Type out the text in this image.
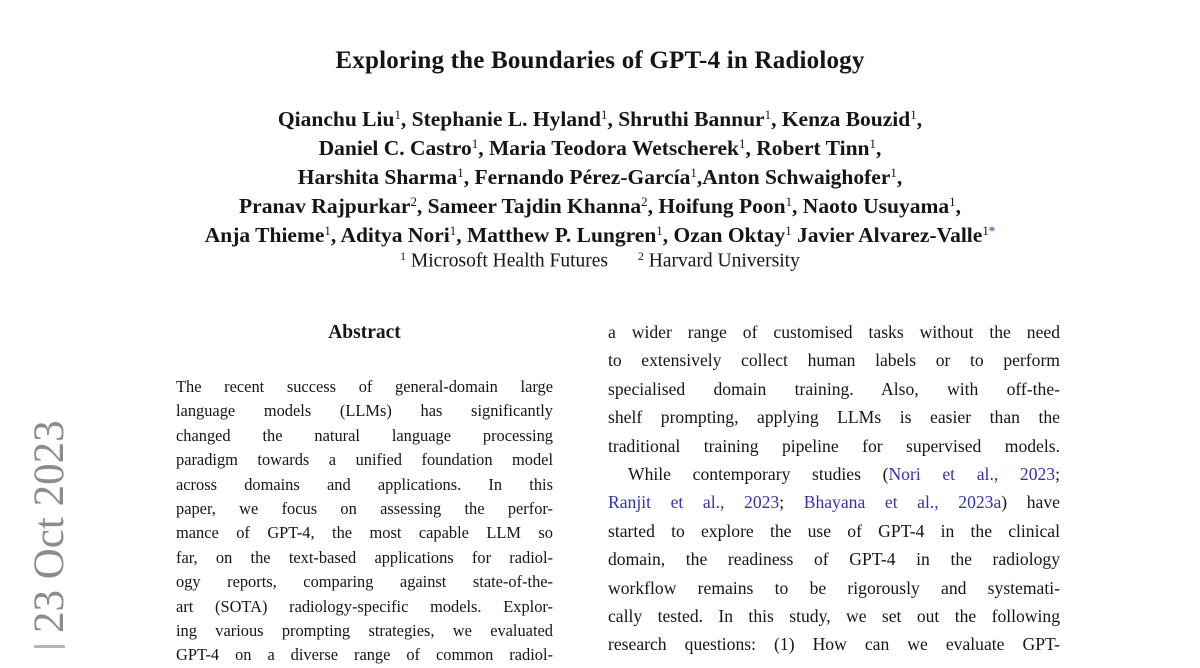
23 Oct 2023
Exploring the Boundaries of GPT-4 in Radiology
Qianchu Liu$^1$, Stephanie L. Hyland$^1$, Shruthi Bannur$^1$, Kenza Bouzid$^1$,
Daniel C. Castro$^1$, Maria Teodora Wetscherek$^1$, Robert Tinn$^1$,
Harshita Sharma$^1$, Fernando Pérez-García$^1$,Anton Schwaighofer$^1$,
Pranav Rajpurkar$^2$, Sameer Tajdin Khanna$^2$, Hoifung Poon$^1$, Naoto Usuyama$^1$,
Anja Thieme$^1$, Aditya Nori$^1$, Matthew P. Lungren$^1$, Ozan Oktay$^1$ Javier Alvarez-Valle$^{1*}$
$^1$ Microsoft Health Futures	$^2$ Harvard University
Abstract
The recent success of general-domain large
language models (LLMs) has significantly
changed the natural language processing
paradigm towards a unified foundation model
across domains and applications. In this
paper, we focus on assessing the perfor-
mance of GPT-4, the most capable LLM so
far, on the text-based applications for radiol-
ogy reports, comparing against state-of-the-
art (SOTA) radiology-specific models. Explor-
ing various prompting strategies, we evaluated
GPT-4 on a diverse range of common radiol-
a wider range of customised tasks without the need
to extensively collect human labels or to perform
specialised domain training. Also, with off-the-
shelf prompting, applying LLMs is easier than the
traditional training pipeline for supervised models.
While contemporary studies (Nori et al., 2023;
Ranjit et al., 2023; Bhayana et al., 2023a) have
started to explore the use of GPT-4 in the clinical
domain, the readiness of GPT-4 in the radiology
workflow remains to be rigorously and systemati-
cally tested. In this study, we set out the following
research questions: (1) How can we evaluate GPT-
